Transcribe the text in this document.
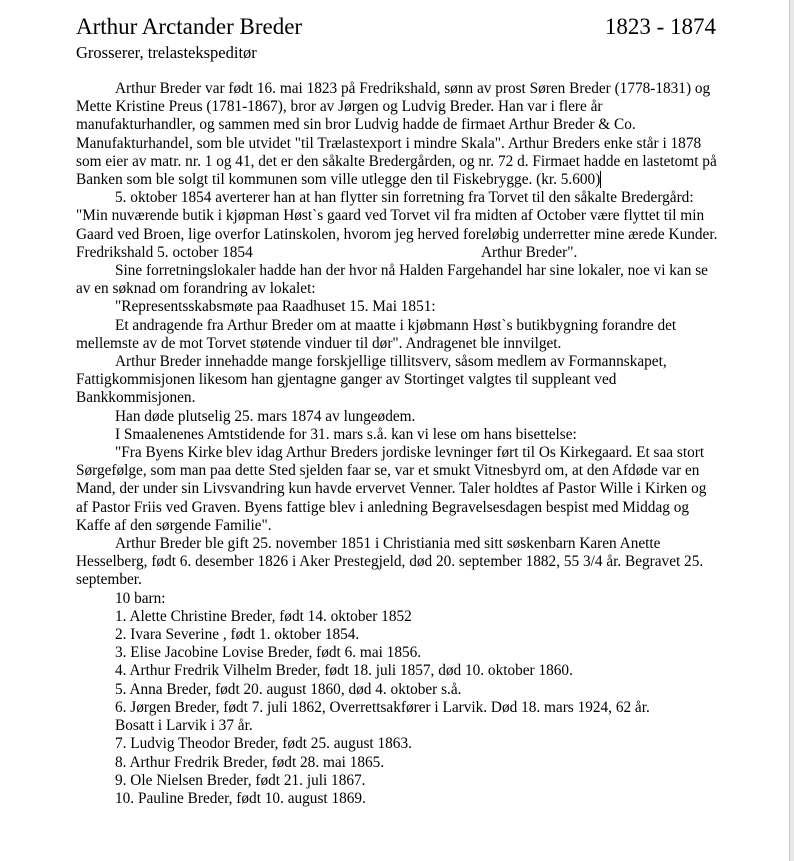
Arthur Arctander Breder	1823 - 1874
Grosserer, trelastekspeditør

Arthur Breder var født 16. mai 1823 på Fredrikshald, sønn av prost Søren Breder (1778-1831) og Mette Kristine Preus (1781-1867), bror av Jørgen og Ludvig Breder. Han var i flere år manufakturhandler, og sammen med sin bror Ludvig hadde de firmaet Arthur Breder & Co. Manufakturhandel, som ble utvidet "til Trælastexport i mindre Skala". Arthur Breders enke står i 1878 som eier av matr. nr. 1 og 41, det er den såkalte Bredergården, og nr. 72 d. Firmaet hadde en lastetomt på Banken som ble solgt til kommunen som ville utlegge den til Fiskebrygge. (kr. 5.600)

5. oktober 1854 averterer han at han flytter sin forretning fra Torvet til den såkalte Bredergård: "Min nuværende butik i kjøpman Høst`s gaard ved Torvet vil fra midten af October være flyttet til min Gaard ved Broen, lige overfor Latinskolen, hvorom jeg herved foreløbig underretter mine ærede Kunder.

Fredrikshald 5. october 1854	Arthur Breder".

Sine forretningslokaler hadde han der hvor nå Halden Fargehandel har sine lokaler, noe vi kan se av en søknad om forandring av lokalet:

"Representsskabsmøte paa Raadhuset 15. Mai 1851:

Et andragende fra Arthur Breder om at maatte i kjøbmann Høst`s butikbygning forandre det mellemste av de mot Torvet støtende vinduer til dør". Andragenet ble innvilget.

Arthur Breder innehadde mange forskjellige tillitsverv, såsom medlem av Formannskapet, Fattigkommisjonen likesom han gjentagne ganger av Stortinget valgtes til suppleant ved Bankkommisjonen.

Han døde plutselig 25. mars 1874 av lungeødem.

I Smaalenenes Amtstidende for 31. mars s.å. kan vi lese om hans bisettelse:

"Fra Byens Kirke blev idag Arthur Breders jordiske levninger ført til Os Kirkegaard. Et saa stort Sørgefølge, som man paa dette Sted sjelden faar se, var et smukt Vitnesbyrd om, at den Afdøde var en Mand, der under sin Livsvandring kun havde ervervet Venner. Taler holdtes af Pastor Wille i Kirken og af Pastor Friis ved Graven. Byens fattige blev i anledning Begravelsesdagen bespist med Middag og Kaffe af den sørgende Familie".

Arthur Breder ble gift 25. november 1851 i Christiania med sitt søskenbarn Karen Anette Hesselberg, født 6. desember 1826 i Aker Prestegjeld, død 20. september 1882, 55 3/4 år. Begravet 25. september.

10 barn:

1. Alette Christine Breder, født 14. oktober 1852

2. Ivara Severine , født 1. oktober 1854.

3. Elise Jacobine Lovise Breder, født 6. mai 1856.

4. Arthur Fredrik Vilhelm Breder, født 18. juli 1857, død 10. oktober 1860.

5. Anna Breder, født 20. august 1860, død 4. oktober s.å.

6. Jørgen Breder, født 7. juli 1862, Overrettsakfører i Larvik. Død 18. mars 1924, 62 år.

Bosatt i Larvik i 37 år.

7. Ludvig Theodor Breder, født 25. august 1863.

8. Arthur Fredrik Breder, født 28. mai 1865.

9. Ole Nielsen Breder, født 21. juli 1867.

10. Pauline Breder, født 10. august 1869.
